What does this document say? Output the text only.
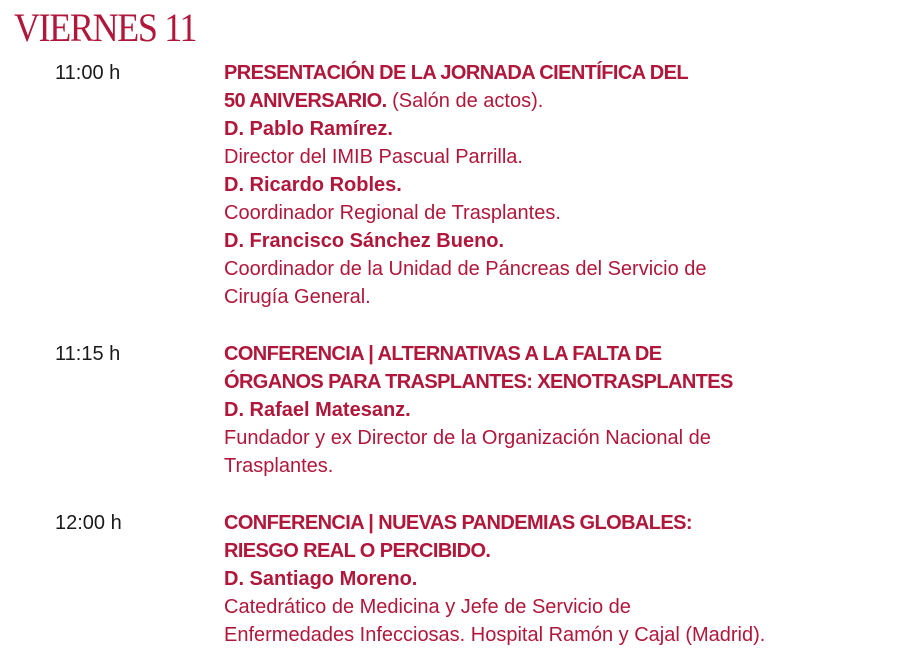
VIERNES 11
11:00 h	PRESENTACIÓN DE LA JORNADA CIENTÍFICA DEL
50 ANIVERSARIO. (Salón de actos).
D. Pablo Ramírez.
Director del IMIB Pascual Parrilla.
D. Ricardo Robles.
Coordinador Regional de Trasplantes.
D. Francisco Sánchez Bueno.
Coordinador de la Unidad de Páncreas del Servicio de
Cirugía General.
11:15 h	CONFERENCIA | ALTERNATIVAS A LA FALTA DE
ÓRGANOS PARA TRASPLANTES: XENOTRASPLANTES
D. Rafael Matesanz.
Fundador y ex Director de la Organización Nacional de
Trasplantes.
12:00 h	CONFERENCIA | NUEVAS PANDEMIAS GLOBALES:
RIESGO REAL O PERCIBIDO.
D. Santiago Moreno.
Catedrático de Medicina y Jefe de Servicio de
Enfermedades Infecciosas. Hospital Ramón y Cajal (Madrid).
